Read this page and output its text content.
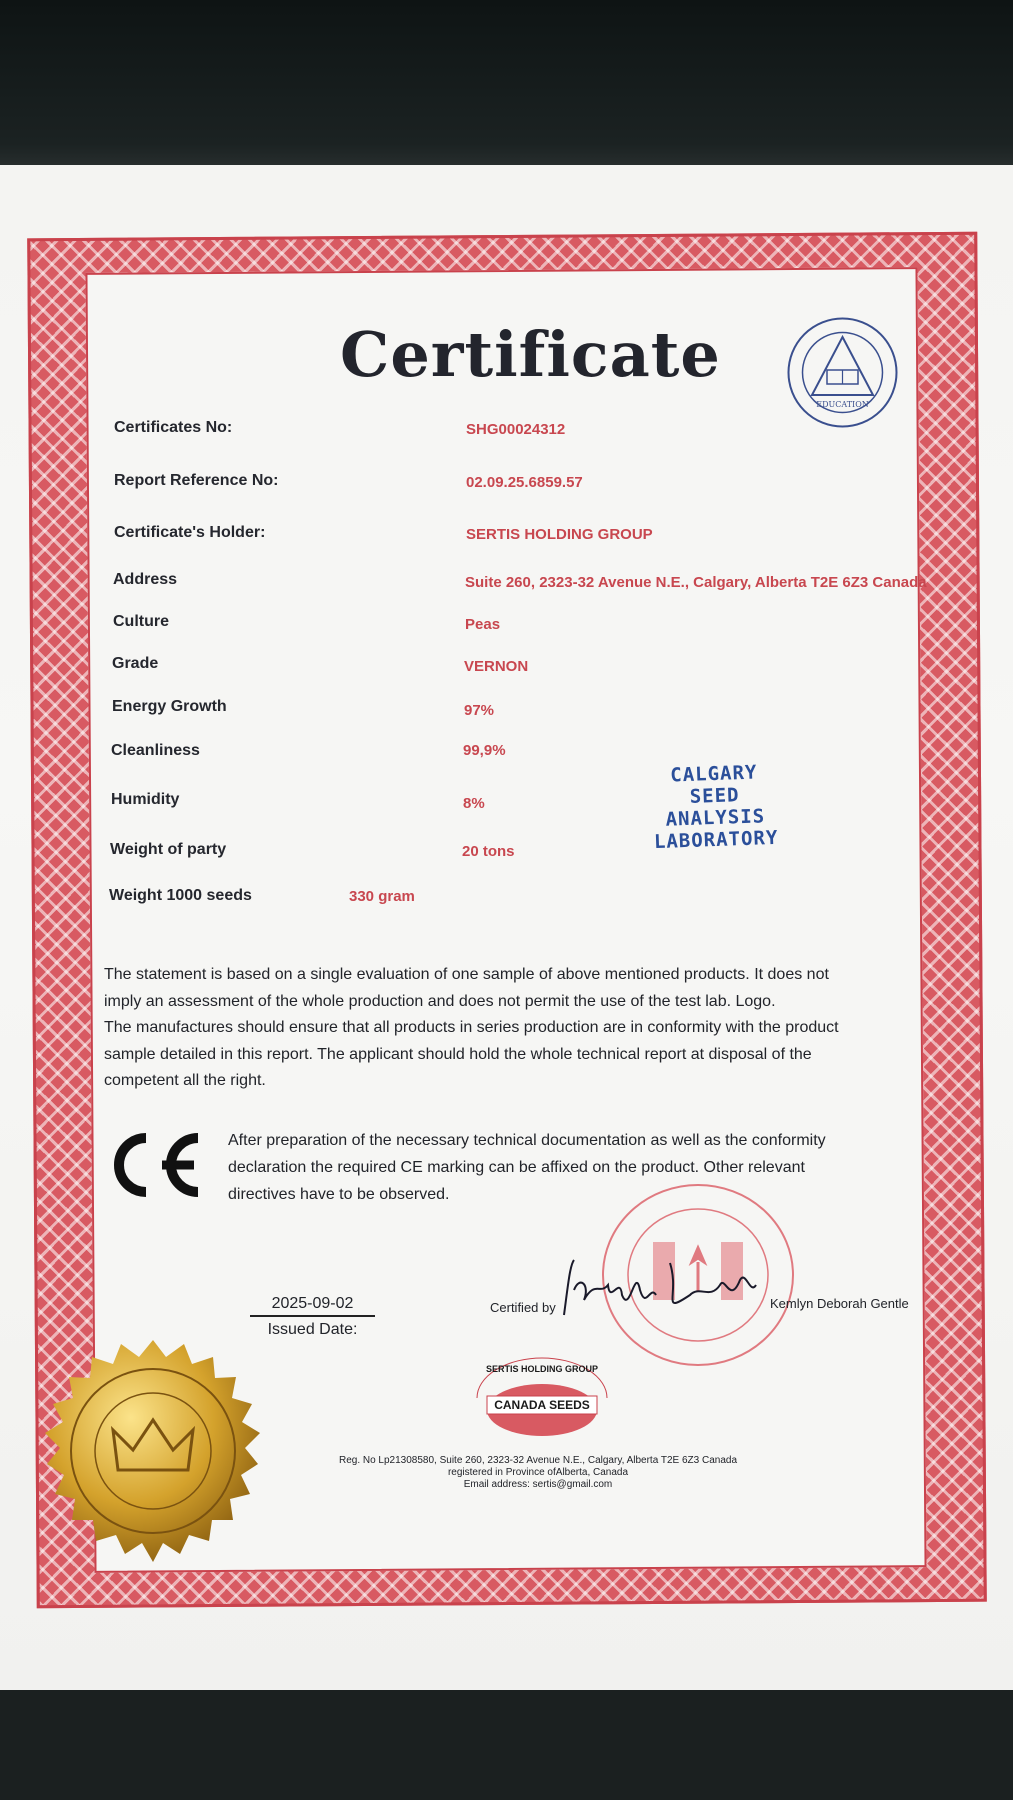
Certificate
EDUCATION
Certificates No:	SHG00024312
Report Reference No:	02.09.25.6859.57
Certificate's Holder:	SERTIS HOLDING GROUP
Address	Suite 260, 2323-32 Avenue N.E., Calgary, Alberta T2E 6Z3 Canada
Culture	Peas
Grade	VERNON
Energy Growth	97%
Cleanliness	99,9%
Humidity	8%
Weight of party	20 tons
Weight 1000 seeds	330 gram
CALGARY
SEED
ANALYSIS
LABORATORY
The statement is based on a single evaluation of one sample of above mentioned products. It does not
imply an assessment of the whole production and does not permit the use of the test lab. Logo.
The manufactures should ensure that all products in series production are in conformity with the product
sample detailed in this report. The applicant should hold the whole technical report at disposal of the
competent all the right.
After preparation of the necessary technical documentation as well as the conformity
declaration the required CE marking can be affixed on the product. Other relevant
directives have to be observed.
2025-09-02
Issued Date:
Certified by	Kemlyn Deborah Gentle
SERTIS HOLDING GROUP
CANADA SEEDS
Reg. No Lp21308580, Suite 260, 2323-32 Avenue N.E., Calgary, Alberta T2E 6Z3 Canada
registered in Province ofAlberta, Canada
Email address: sertis@gmail.com
